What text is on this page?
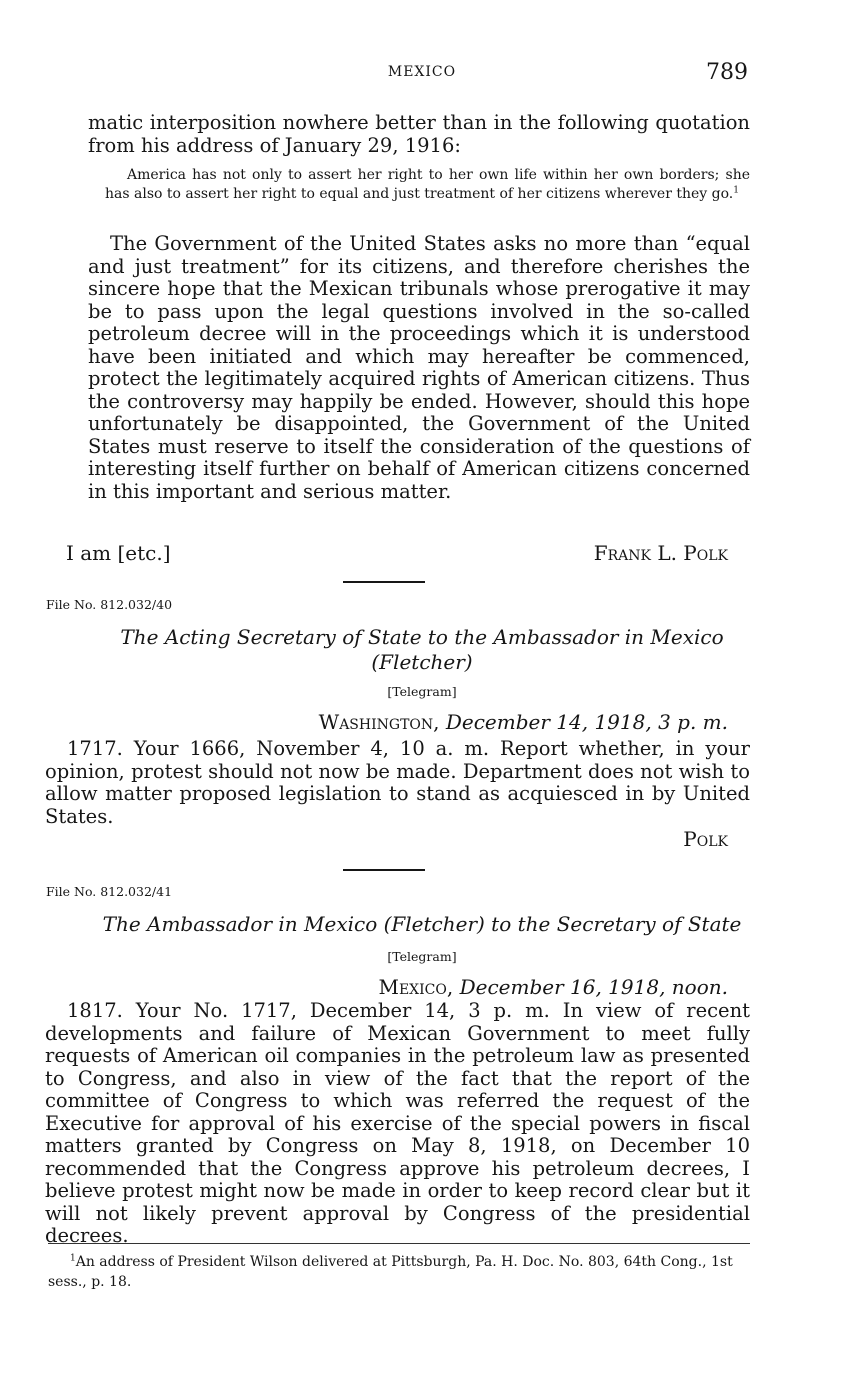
MEXICO	789
matic interposition nowhere better than in the following quotation from his address of January 29, 1916:
America has not only to assert her right to her own life within her own borders; she has also to assert her right to equal and just treatment of her citizens wherever they go.$^1$
The Government of the United States asks no more than “equal and just treatment” for its citizens, and therefore cherishes the sincere hope that the Mexican tribunals whose prerogative it may be to pass upon the legal questions involved in the so-called petroleum decree will in the proceedings which it is understood have been initiated and which may hereafter be commenced, protect the legitimately acquired rights of American citizens. Thus the controversy may happily be ended. However, should this hope unfortunately be disappointed, the Government of the United States must reserve to itself the consideration of the questions of interesting itself further on behalf of American citizens concerned in this important and serious matter.
I am [etc.]	Frank L. Polk
File No. 812.032/40
The Acting Secretary of State to the Ambassador in Mexico
(Fletcher)
[Telegram]
Washington, December 14, 1918, 3 p. m.
1717. Your 1666, November 4, 10 a. m. Report whether, in your opinion, protest should not now be made. Department does not wish to allow matter proposed legislation to stand as acquiesced in by United States.
Polk
File No. 812.032/41
The Ambassador in Mexico (Fletcher) to the Secretary of State
[Telegram]
Mexico, December 16, 1918, noon.
1817. Your No. 1717, December 14, 3 p. m. In view of recent developments and failure of Mexican Government to meet fully requests of American oil companies in the petroleum law as presented to Congress, and also in view of the fact that the report of the committee of Congress to which was referred the request of the Executive for approval of his exercise of the special powers in fiscal matters granted by Congress on May 8, 1918, on December 10 recommended that the Congress approve his petroleum decrees, I believe protest might now be made in order to keep record clear but it will not likely prevent approval by Congress of the presidential decrees.
$^1$An address of President Wilson delivered at Pittsburgh, Pa. H. Doc. No. 803, 64th Cong., 1st sess., p. 18.
